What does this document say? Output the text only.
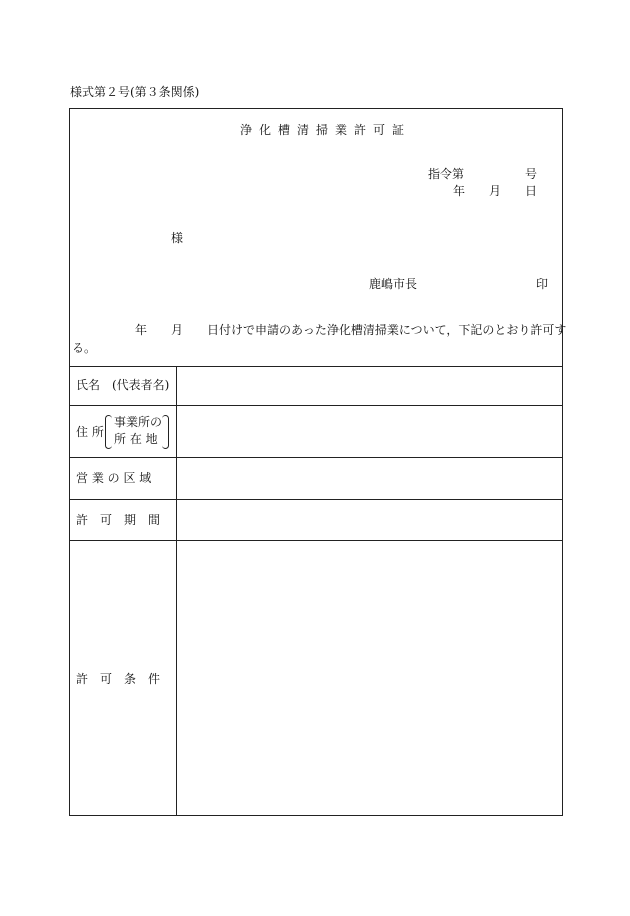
様式第２号(第３条関係)
浄化槽清掃業許可証
指令第	号
年 月 日
様
鹿嶋市長	印
年 月 日付けで申請のあった浄化槽清掃業について，下記のとおり許可す
る。
氏名　(代表者名)
住 所
事業所の
所 在 地
営 業 の 区 域
許　可　期　間
許　可　条　件
